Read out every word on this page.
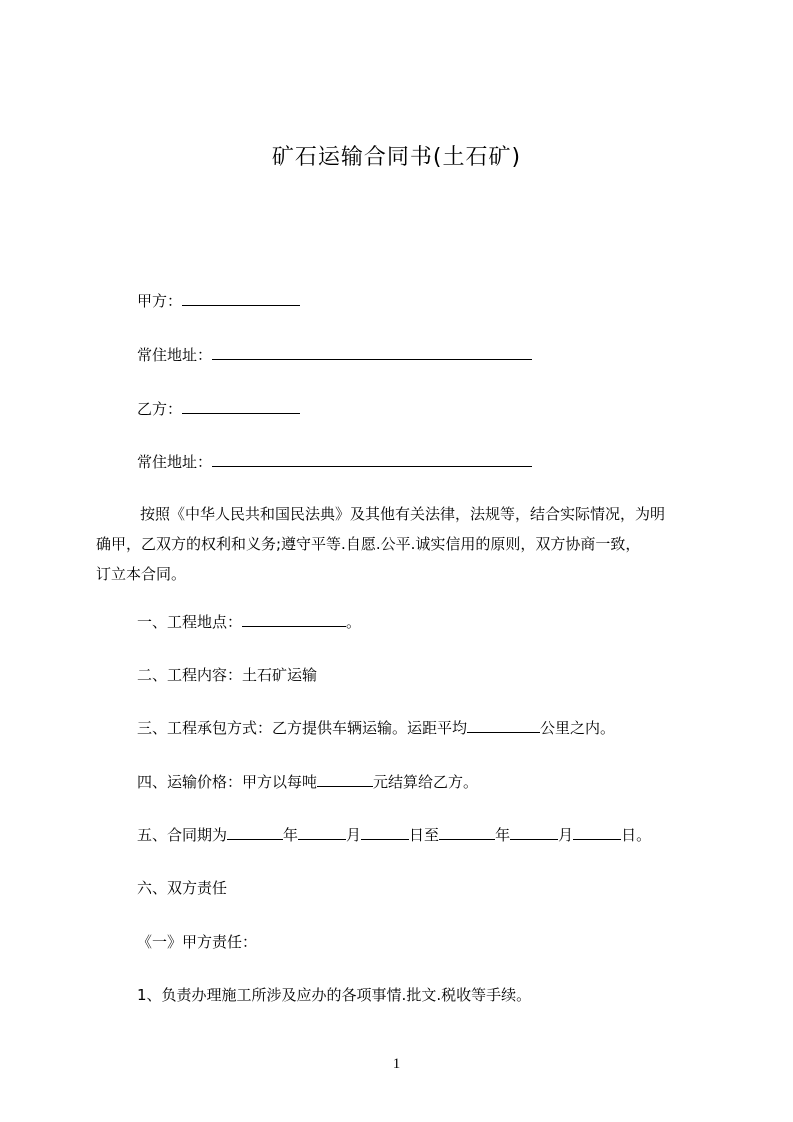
矿石运输合同书(土石矿)
甲方：
常住地址：
乙方：
常住地址：
按照《中华人民共和国民法典》及其他有关法律，法规等，结合实际情况，为明
确甲，乙双方的权利和义务;遵守平等.自愿.公平.诚实信用的原则，双方协商一致，
订立本合同。
一、工程地点：	。
二、工程内容：土石矿运输
三、工程承包方式：乙方提供车辆运输。运距平均	公里之内。
四、运输价格：甲方以每吨	元结算给乙方。
五、合同期为	年	月	日至	年	月	日。
六、双方责任
《一》甲方责任：
1、负责办理施工所涉及应办的各项事情.批文.税收等手续。
1
